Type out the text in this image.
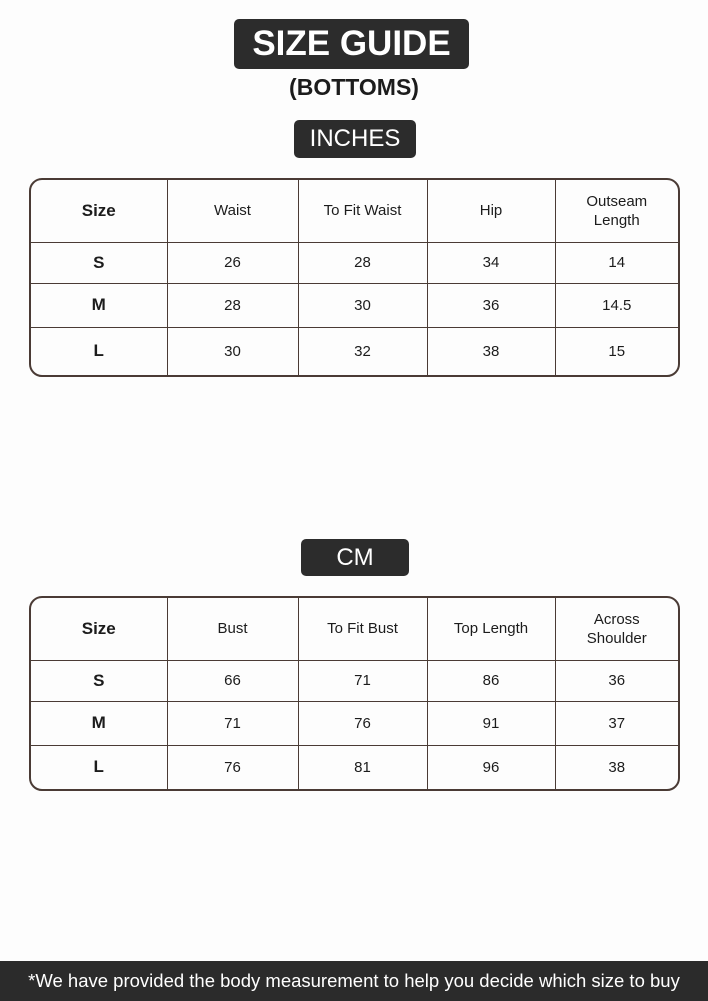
SIZE GUIDE
(BOTTOMS)
INCHES
Size	Waist	To Fit Waist	Hip	Outseam Length
S	26	28	34	14
M	28	30	36	14.5
L	30	32	38	15
CM
Size	Bust	To Fit Bust	Top Length	Across Shoulder
S	66	71	86	36
M	71	76	91	37
L	76	81	96	38
*We have provided the body measurement to help you decide which size to buy
